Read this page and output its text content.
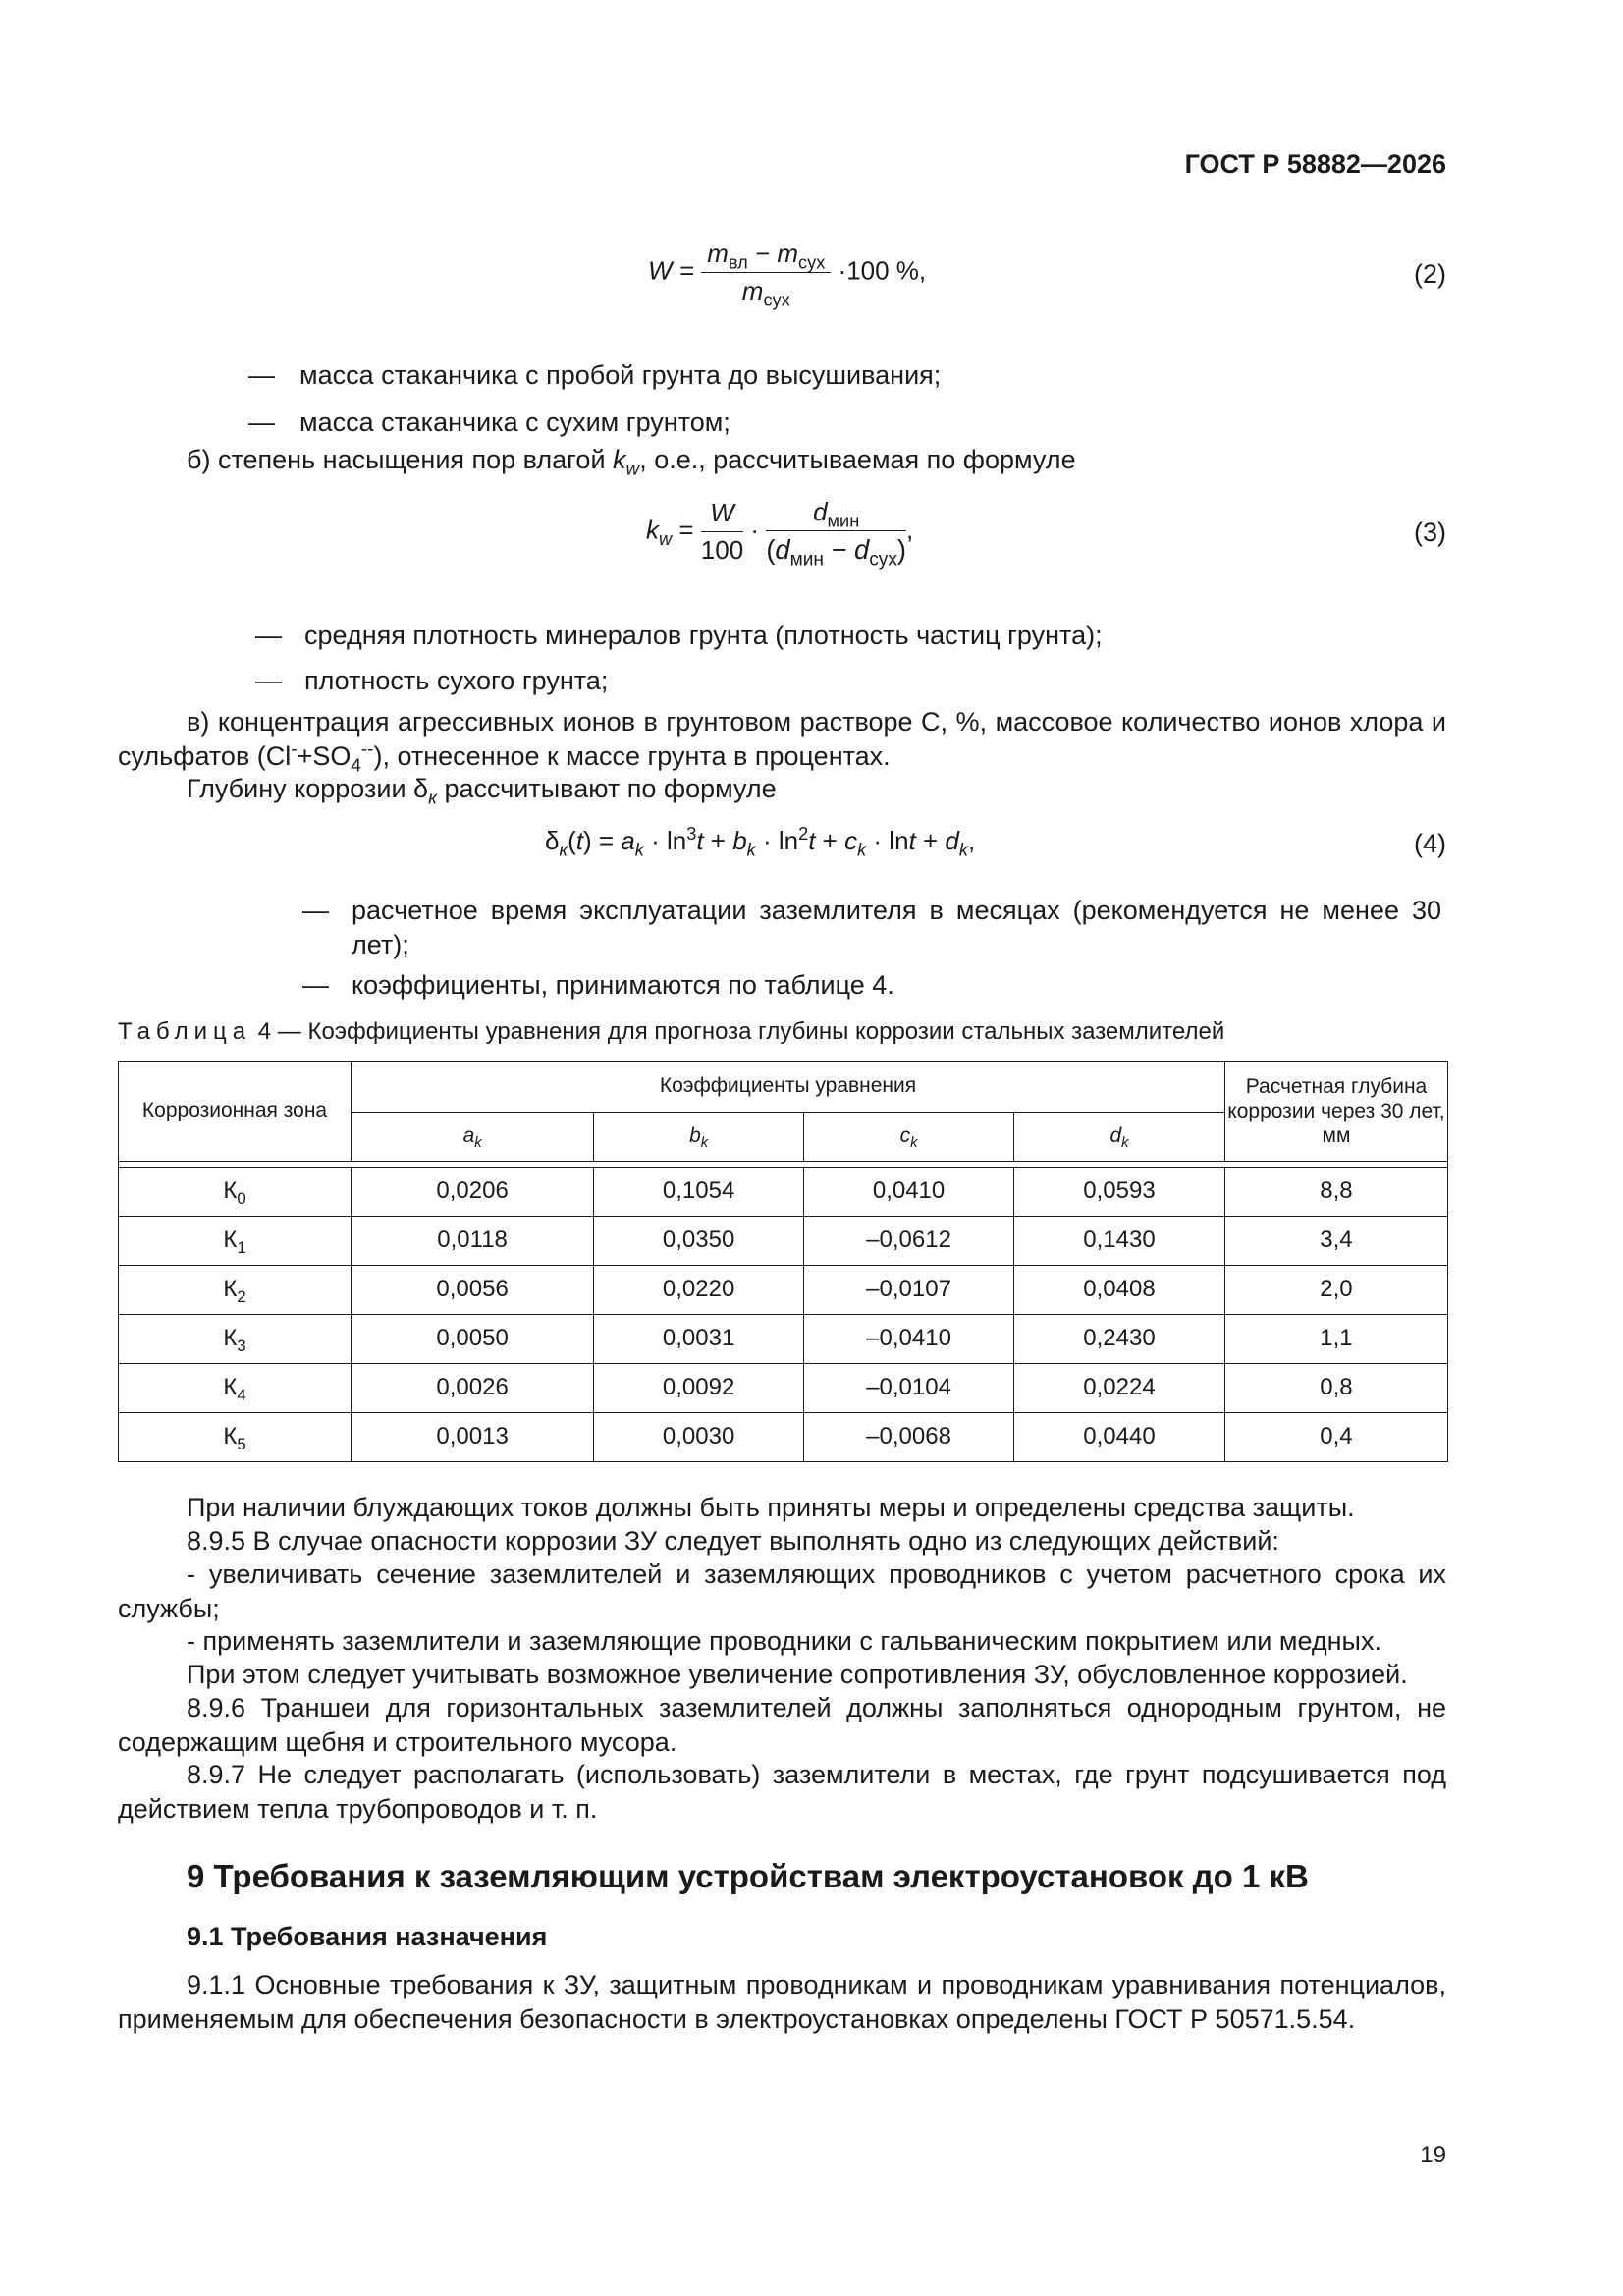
ГОСТ Р 58882—2026
$W = \frac{m_{вл} - m_{сух}}{m_{сух}} \cdot 100$ %,	(2)
— масса стаканчика с пробой грунта до высушивания;
— масса стаканчика с сухим грунтом;
б) степень насыщения пор влагой $k_w$, о.е., рассчитываемая по формуле
$k_w = \frac{W}{100} \cdot \frac{d_{мин}}{(d_{мин} - d_{сух})}$ ,	(3)
— средняя плотность минералов грунта (плотность частиц грунта);
— плотность сухого грунта;
в) концентрация агрессивных ионов в грунтовом растворе С, %, массовое количество ионов хлора и сульфатов $(Cl^-+SO_4^{--})$, отнесенное к массе грунта в процентах.
Глубину коррозии $\delta_к$ рассчитывают по формуле
$\delta_к(t) = a_k \cdot \ln^3t + b_k \cdot \ln^2t + c_k \cdot \ln t + d_k$,	(4)
— расчетное время эксплуатации заземлителя в месяцах (рекомендуется не менее 30 лет);
— коэффициенты, принимаются по таблице 4.
Таблица 4 — Коэффициенты уравнения для прогноза глубины коррозии стальных заземлителей
Коррозионная зона	Коэффициенты уравнения				Расчетная глубина коррозии через 30 лет, мм
	$a_k$	$b_k$	$c_k$	$d_k$

$К_0$	0,0206	0,1054	0,0410	0,0593	8,8
$К_1$	0,0118	0,0350	–0,0612	0,1430	3,4
$К_2$	0,0056	0,0220	–0,0107	0,0408	2,0
$К_3$	0,0050	0,0031	–0,0410	0,2430	1,1
$К_4$	0,0026	0,0092	–0,0104	0,0224	0,8
$К_5$	0,0013	0,0030	–0,0068	0,0440	0,4
При наличии блуждающих токов должны быть приняты меры и определены средства защиты.
8.9.5 В случае опасности коррозии ЗУ следует выполнять одно из следующих действий:
- увеличивать сечение заземлителей и заземляющих проводников с учетом расчетного срока их службы;
- применять заземлители и заземляющие проводники с гальваническим покрытием или медных.
При этом следует учитывать возможное увеличение сопротивления ЗУ, обусловленное коррозией.
8.9.6 Траншеи для горизонтальных заземлителей должны заполняться однородным грунтом, не содержащим щебня и строительного мусора.
8.9.7 Не следует располагать (использовать) заземлители в местах, где грунт подсушивается под действием тепла трубопроводов и т. п.
9 Требования к заземляющим устройствам электроустановок до 1 кВ
9.1 Требования назначения
9.1.1 Основные требования к ЗУ, защитным проводникам и проводникам уравнивания потенциалов, применяемым для обеспечения безопасности в электроустановках определены ГОСТ Р 50571.5.54.
19
